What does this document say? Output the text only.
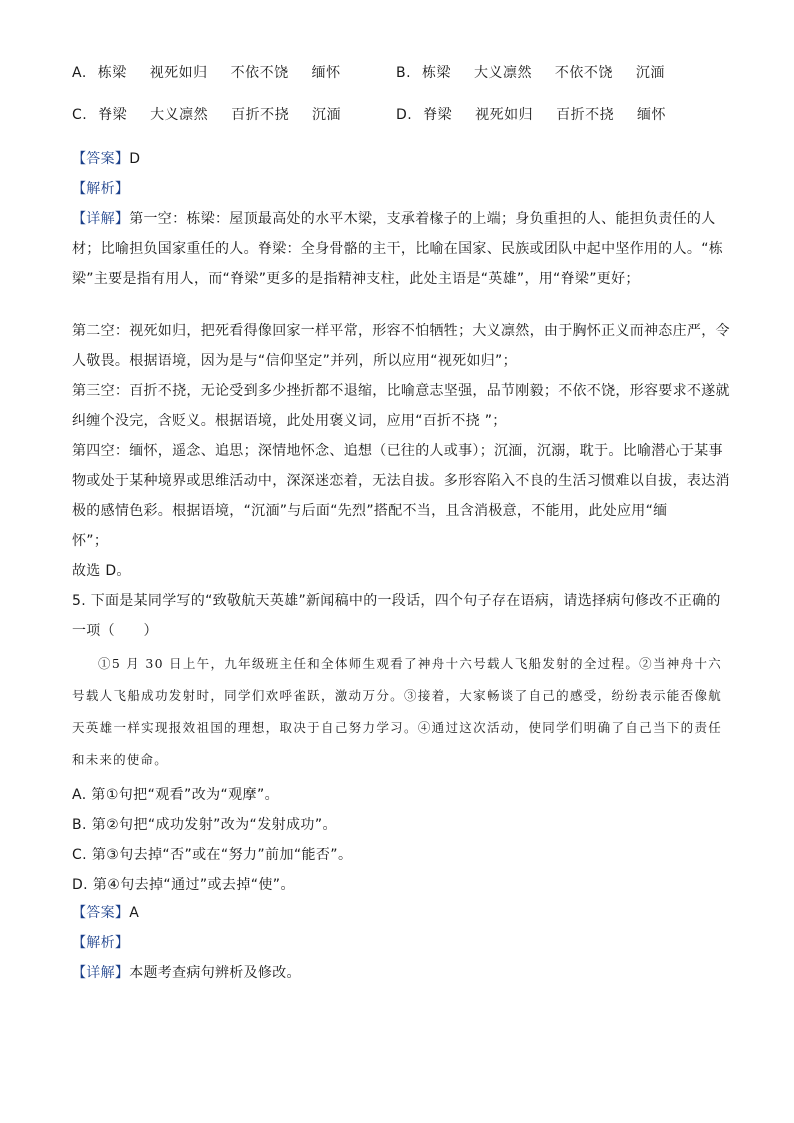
A. 栋梁 视死如归 不依不饶 缅怀	B. 栋梁 大义凛然 不依不饶 沉湎
C. 脊梁 大义凛然 百折不挠 沉湎	D. 脊梁 视死如归 百折不挠 缅怀

【答案】D

【解析】

【详解】第一空：栋梁：屋顶最高处的水平木梁，支承着椽子的上端；身负重担的人、能担负责任的人

材；比喻担负国家重任的人。脊梁：全身骨骼的主干，比喻在国家、民族或团队中起中坚作用的人。“栋

梁”主要是指有用人，而“脊梁”更多的是指精神支柱，此处主语是“英雄”，用“脊梁”更好；

第二空：视死如归，把死看得像回家一样平常，形容不怕牺牲；大义凛然，由于胸怀正义而神态庄严，令

人敬畏。根据语境，因为是与“信仰坚定”并列，所以应用“视死如归”；

第三空：百折不挠，无论受到多少挫折都不退缩，比喻意志坚强，品节刚毅；不依不饶，形容要求不遂就

纠缠个没完，含贬义。根据语境，此处用褒义词，应用“百折不挠 ”；

第四空：缅怀，遥念、追思；深情地怀念、追想（已往的人或事）；沉湎，沉溺，耽于。比喻潜心于某事

物或处于某种境界或思维活动中，深深迷恋着，无法自拔。多形容陷入不良的生活习惯难以自拔，表达消

极的感情色彩。根据语境，“沉湎”与后面“先烈”搭配不当，且含消极意，不能用，此处应用“缅

怀”；

故选 D。

5. 下面是某同学写的“致敬航天英雄”新闻稿中的一段话，四个句子存在语病，请选择病句修改不正确的

一项（　　）

①5 月 30 日上午，九年级班主任和全体师生观看了神舟十六号载人飞船发射的全过程。②当神舟十六号载人飞船成功发射时，同学们欢呼雀跃，激动万分。③接着，大家畅谈了自己的感受，纷纷表示能否像航天英雄一样实现报效祖国的理想，取决于自己努力学习。④通过这次活动，使同学们明确了自己当下的责任和未来的使命。

A. 第①句把“观看”改为“观摩”。

B. 第②句把“成功发射”改为“发射成功”。

C. 第③句去掉“否”或在“努力”前加“能否”。

D. 第④句去掉“通过”或去掉“使”。

【答案】A

【解析】

【详解】本题考查病句辨析及修改。
